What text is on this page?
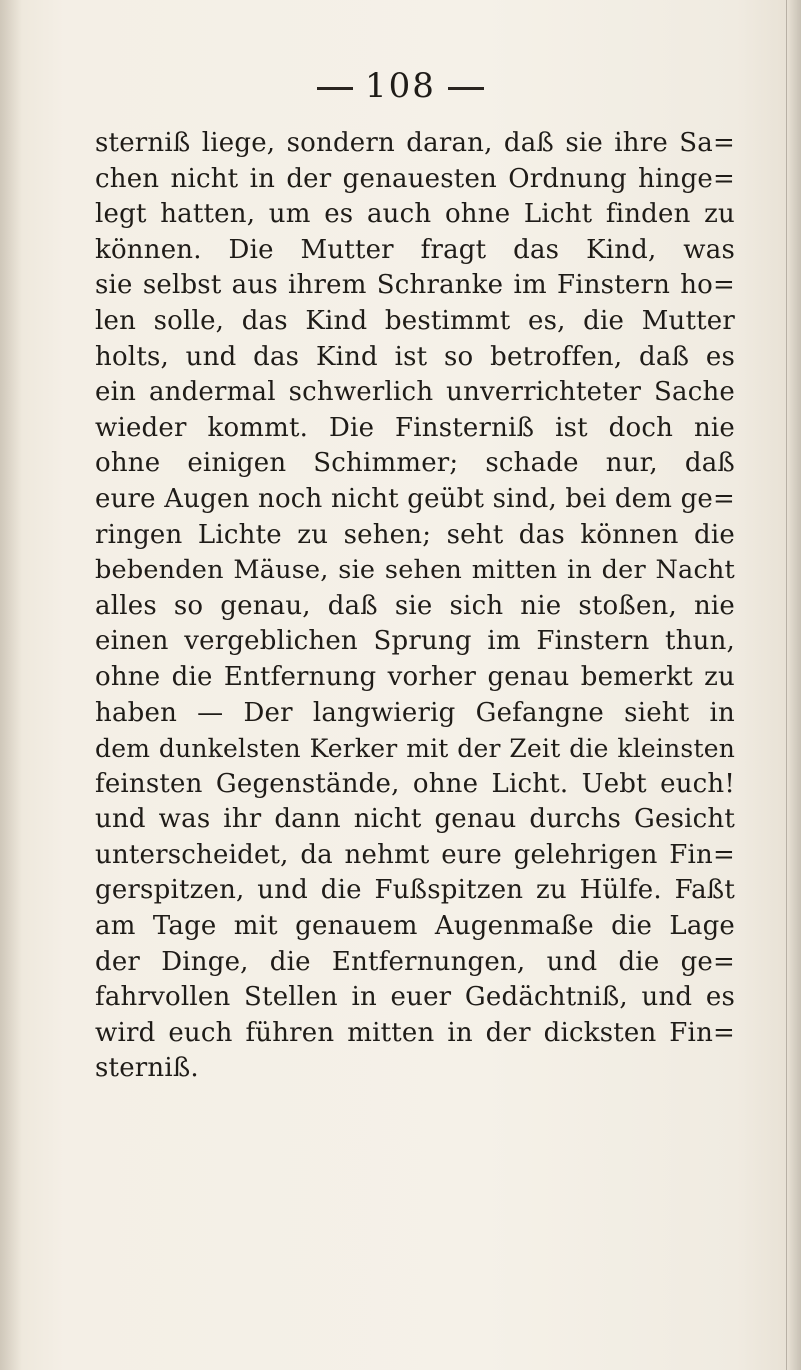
108
sterniß liege, sondern daran, daß sie ihre Sa=
chen nicht in der genauesten Ordnung hinge=
legt hatten, um es auch ohne Licht finden zu
können. Die Mutter fragt das Kind, was
sie selbst aus ihrem Schranke im Finstern ho=
len solle, das Kind bestimmt es, die Mutter
holts, und das Kind ist so betroffen, daß es
ein andermal schwerlich unverrichteter Sache
wieder kommt. Die Finsterniß ist doch nie
ohne einigen Schimmer; schade nur, daß
eure Augen noch nicht geübt sind, bei dem ge=
ringen Lichte zu sehen; seht das können die
bebenden Mäuse, sie sehen mitten in der Nacht
alles so genau, daß sie sich nie stoßen, nie
einen vergeblichen Sprung im Finstern thun,
ohne die Entfernung vorher genau bemerkt zu
haben — Der langwierig Gefangne sieht in
dem dunkelsten Kerker mit der Zeit die kleinsten
feinsten Gegenstände, ohne Licht. Uebt euch!
und was ihr dann nicht genau durchs Gesicht
unterscheidet, da nehmt eure gelehrigen Fin=
gerspitzen, und die Fußspitzen zu Hülfe. Faßt
am Tage mit genauem Augenmaße die Lage
der Dinge, die Entfernungen, und die ge=
fahrvollen Stellen in euer Gedächtniß, und es
wird euch führen mitten in der dicksten Fin=
sterniß.
